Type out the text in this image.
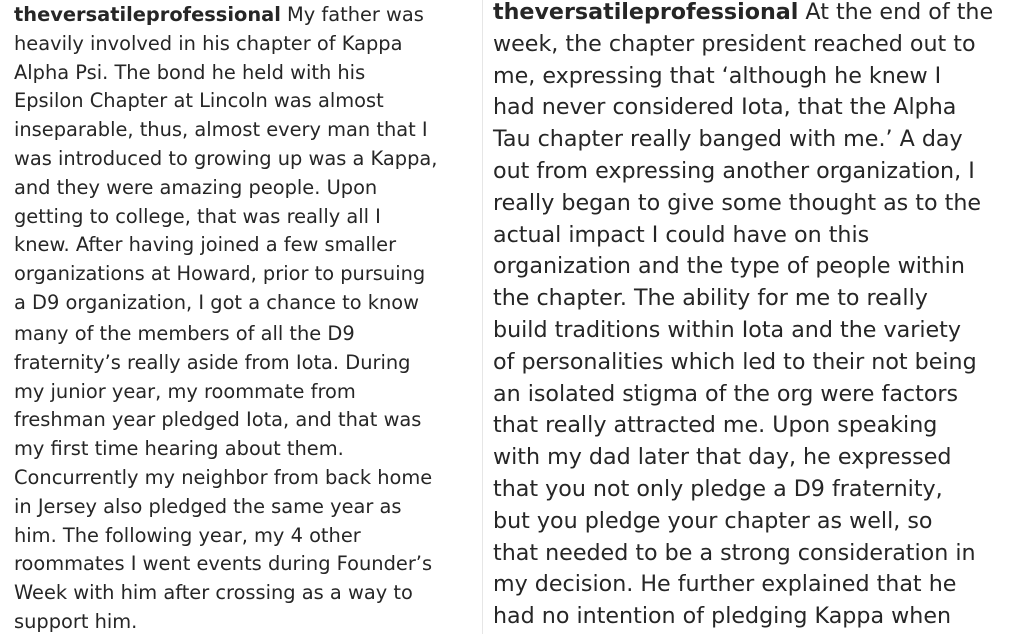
theversatileprofessional My father was
heavily involved in his chapter of Kappa
Alpha Psi. The bond he held with his
Epsilon Chapter at Lincoln was almost
inseparable, thus, almost every man that I
was introduced to growing up was a Kappa,
and they were amazing people. Upon
getting to college, that was really all I
knew. After having joined a few smaller
organizations at Howard, prior to pursuing
a D9 organization, I got a chance to know
many of the members of all the D9
fraternity’s really aside from Iota. During
my junior year, my roommate from
freshman year pledged Iota, and that was
my first time hearing about them.
Concurrently my neighbor from back home
in Jersey also pledged the same year as
him. The following year, my 4 other
roommates I went events during Founder’s
Week with him after crossing as a way to
support him.
theversatileprofessional At the end of the
week, the chapter president reached out to
me, expressing that ‘although he knew I
had never considered Iota, that the Alpha
Tau chapter really banged with me.’ A day
out from expressing another organization, I
really began to give some thought as to the
actual impact I could have on this
organization and the type of people within
the chapter. The ability for me to really
build traditions within Iota and the variety
of personalities which led to their not being
an isolated stigma of the org were factors
that really attracted me. Upon speaking
with my dad later that day, he expressed
that you not only pledge a D9 fraternity,
but you pledge your chapter as well, so
that needed to be a strong consideration in
my decision. He further explained that he
had no intention of pledging Kappa when
